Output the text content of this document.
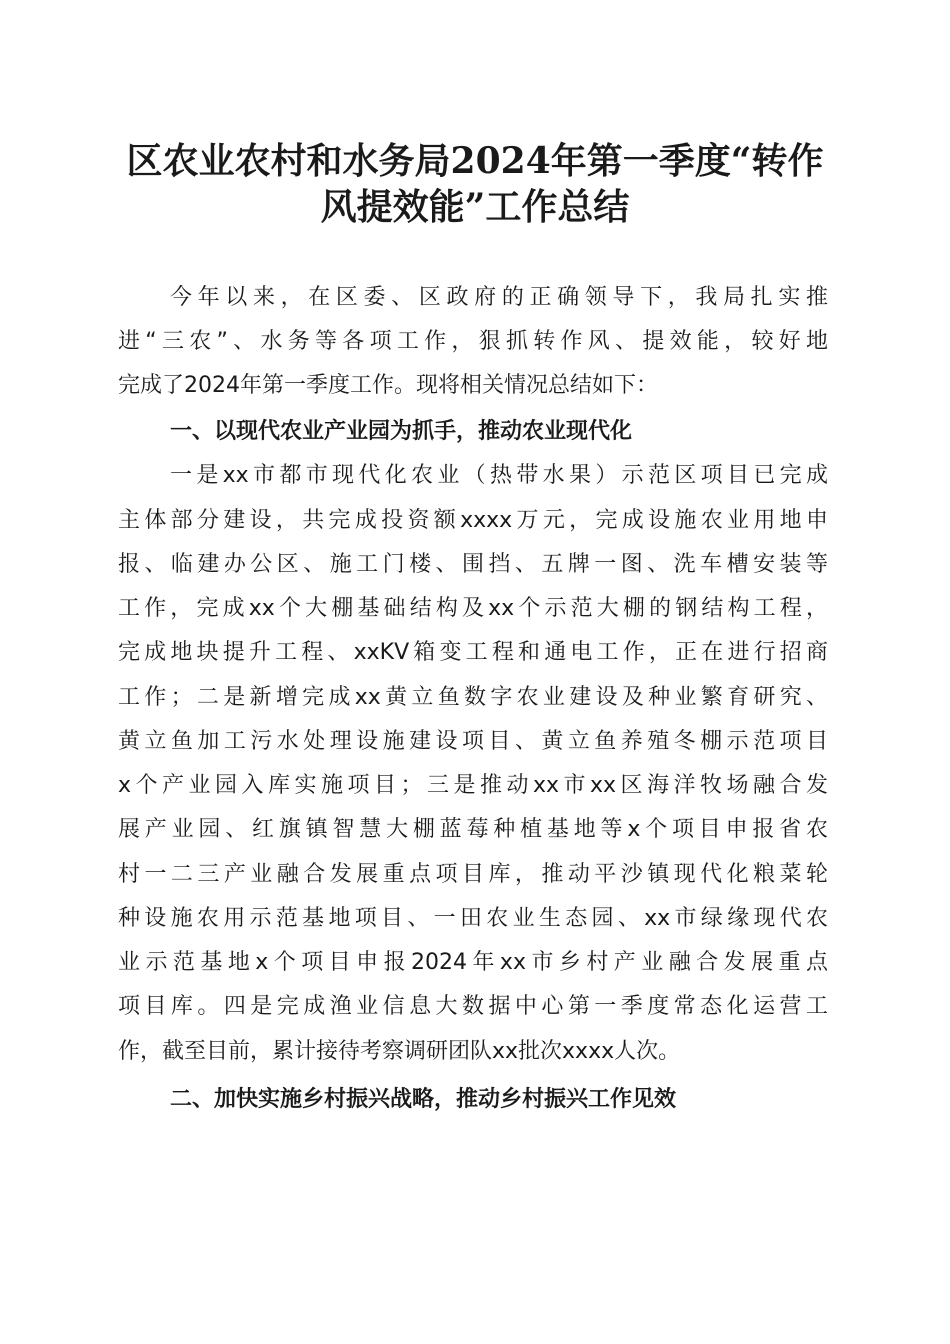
区农业农村和水务局2024年第一季度“转作
风提效能”工作总结
今年以来，在区委、区政府的正确领导下，我局扎实推
进“三农”、水务等各项工作，狠抓转作风、提效能，较好地
完成了2024年第一季度工作。现将相关情况总结如下：
一、以现代农业产业园为抓手，推动农业现代化
一是xx市都市现代化农业（热带水果）示范区项目已完成
主体部分建设，共完成投资额xxxx万元，完成设施农业用地申
报、临建办公区、施工门楼、围挡、五牌一图、洗车槽安装等
工作，完成xx个大棚基础结构及xx个示范大棚的钢结构工程，
完成地块提升工程、xxKV箱变工程和通电工作，正在进行招商
工作；二是新增完成xx黄立鱼数字农业建设及种业繁育研究、
黄立鱼加工污水处理设施建设项目、黄立鱼养殖冬棚示范项目
x个产业园入库实施项目；三是推动xx市xx区海洋牧场融合发
展产业园、红旗镇智慧大棚蓝莓种植基地等x个项目申报省农
村一二三产业融合发展重点项目库，推动平沙镇现代化粮菜轮
种设施农用示范基地项目、一田农业生态园、xx市绿缘现代农
业示范基地x个项目申报2024年xx市乡村产业融合发展重点
项目库。四是完成渔业信息大数据中心第一季度常态化运营工
作，截至目前，累计接待考察调研团队xx批次xxxx人次。
二、加快实施乡村振兴战略，推动乡村振兴工作见效
